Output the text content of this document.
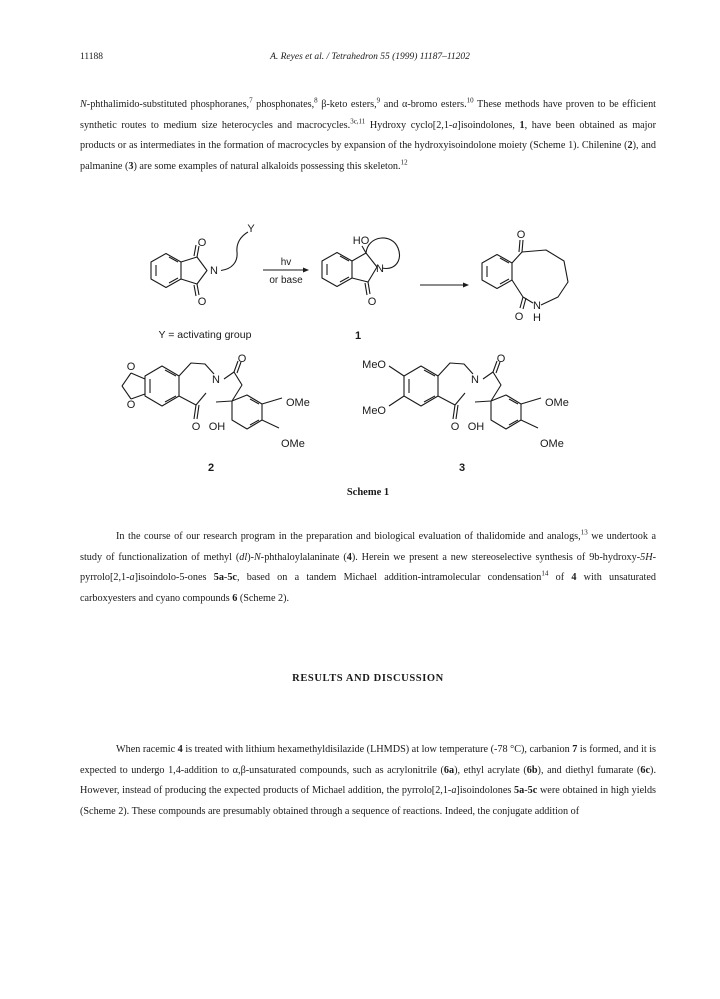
11188	A. Reyes et al. / Tetrahedron 55 (1999) 11187–11202

N-phthalimido-substituted phosphoranes,$^7$ phosphonates,$^8$ β-keto esters,$^9$ and α-bromo esters.$^{10}$ These methods have proven to be efficient synthetic routes to medium size heterocycles and macrocycles.$^{3c,11}$ Hydroxy cyclo[2,1-a]isoindolones, 1, have been obtained as major products or as intermediates in the formation of macrocycles by expansion of the hydroxyisoindolone moiety (Scheme 1). Chilenine (2), and palmanine (3) are some examples of natural alkaloids possessing this skeleton.$^{12}$

O
N
O
Y
hv
or base
HO
N
O
O
N
H
O
Y = activating group	1
O
O
N
O
O OH
OMe
OMe
2
MeO
MeO
N
O
O OH
OMe
OMe
3
Scheme 1

In the course of our research program in the preparation and biological evaluation of thalidomide and analogs,$^{13}$ we undertook a study of functionalization of methyl (dl)-N-phthaloylalaninate (4). Herein we present a new stereoselective synthesis of 9b-hydroxy-5H-pyrrolo[2,1-a]isoindolo-5-ones 5a-5c, based on a tandem Michael addition-intramolecular condensation$^{14}$ of 4 with unsaturated carboxyesters and cyano compounds 6 (Scheme 2).

RESULTS AND DISCUSSION

When racemic 4 is treated with lithium hexamethyldisilazide (LHMDS) at low temperature (-78 °C), carbanion 7 is formed, and it is expected to undergo 1,4-addition to α,β-unsaturated compounds, such as acrylonitrile (6a), ethyl acrylate (6b), and diethyl fumarate (6c). However, instead of producing the expected products of Michael addition, the pyrrolo[2,1-a]isoindolones 5a-5c were obtained in high yields (Scheme 2). These compounds are presumably obtained through a sequence of reactions. Indeed, the conjugate addition of
